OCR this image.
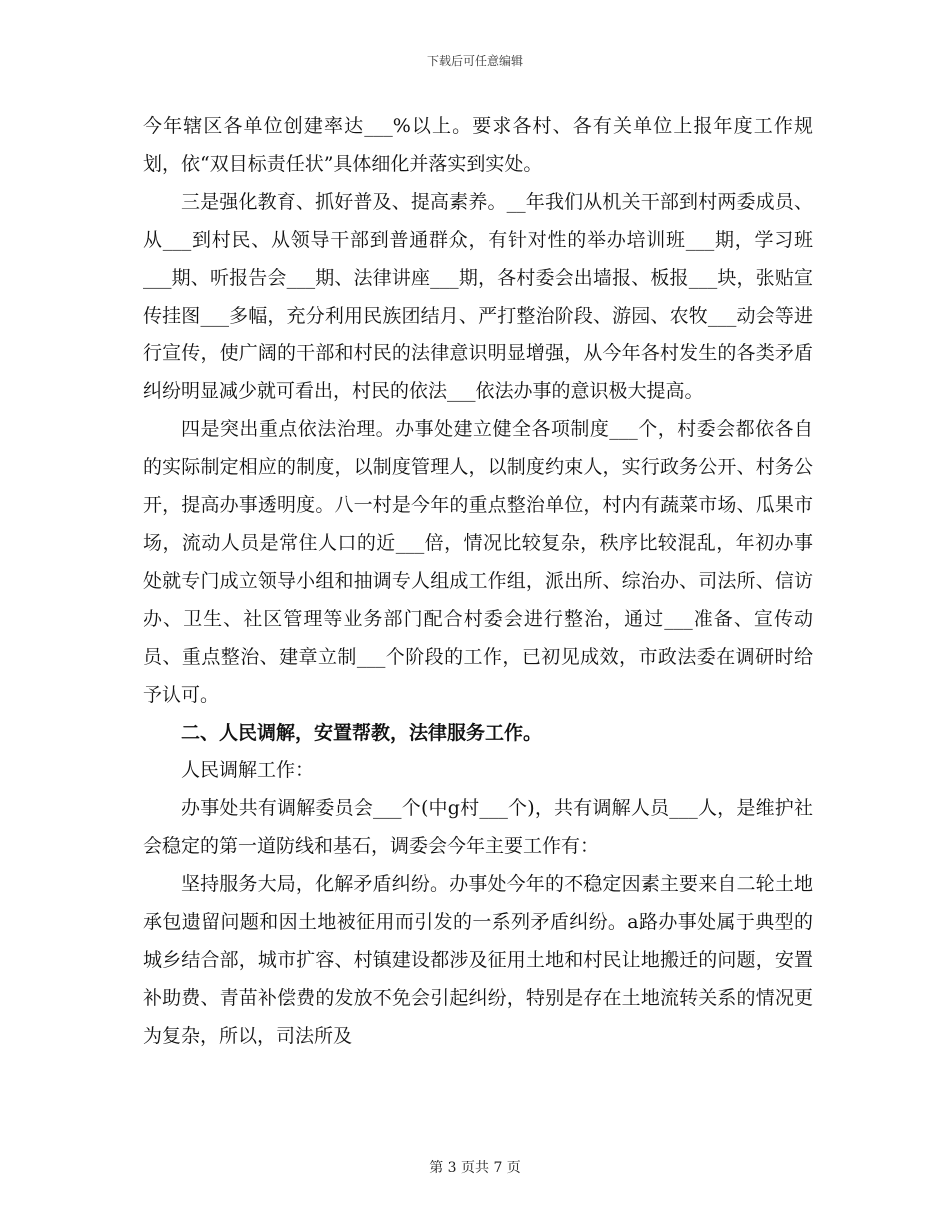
下载后可任意编辑

今年辖区各单位创建率达___%以上。要求各村、各有关单位上报年度工作规划，依“双目标责任状”具体细化并落实到实处。

三是强化教育、抓好普及、提高素养。__年我们从机关干部到村两委成员、从___到村民、从领导干部到普通群众，有针对性的举办培训班___期，学习班___期、听报告会___期、法律讲座___期，各村委会出墙报、板报___块，张贴宣传挂图___多幅，充分利用民族团结月、严打整治阶段、游园、农牧___动会等进行宣传，使广阔的干部和村民的法律意识明显增强，从今年各村发生的各类矛盾纠纷明显减少就可看出，村民的依法___依法办事的意识极大提高。

四是突出重点依法治理。办事处建立健全各项制度___个，村委会都依各自的实际制定相应的制度，以制度管理人，以制度约束人，实行政务公开、村务公开，提高办事透明度。八一村是今年的重点整治单位，村内有蔬菜市场、瓜果市场，流动人员是常住人口的近___倍，情况比较复杂，秩序比较混乱，年初办事处就专门成立领导小组和抽调专人组成工作组，派出所、综治办、司法所、信访办、卫生、社区管理等业务部门配合村委会进行整治，通过___准备、宣传动员、重点整治、建章立制___个阶段的工作，已初见成效，市政法委在调研时给予认可。

二、人民调解，安置帮教，法律服务工作。

人民调解工作：

办事处共有调解委员会___个(中g村___个)，共有调解人员___人，是维护社会稳定的第一道防线和基石，调委会今年主要工作有：

坚持服务大局，化解矛盾纠纷。办事处今年的不稳定因素主要来自二轮土地承包遗留问题和因土地被征用而引发的一系列矛盾纠纷。a路办事处属于典型的城乡结合部，城市扩容、村镇建设都涉及征用土地和村民让地搬迁的问题，安置补助费、青苗补偿费的发放不免会引起纠纷，特别是存在土地流转关系的情况更为复杂，所以，司法所及

第 3 页共 7 页
